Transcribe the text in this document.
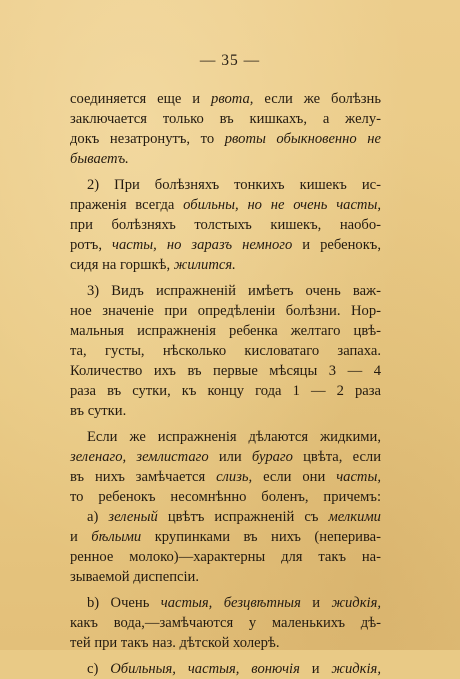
— 35 —
соединяется еще и рвота, если же болѣзнь
заключается только въ кишкахъ, а желу-
докъ незатронутъ, то рвоты обыкновенно не
бываетъ.
2) При болѣзняхъ тонкихъ кишекъ ис-
праженія всегда обильны, но не очень часты,
при болѣзняхъ толстыхъ кишекъ, наобо-
ротъ, часты, но заразъ немного и ребенокъ,
сидя на горшкѣ, жилится.
3) Видъ испражненій имѣетъ очень важ-
ное значеніе при опредѣленіи болѣзни. Нор-
мальныя испражненія ребенка желтаго цвѣ-
та, густы, нѣсколько кисловатаго запаха.
Количество ихъ въ первые мѣсяцы 3 — 4
раза въ сутки, къ концу года 1 — 2 раза
въ сутки.
Если же испражненія дѣлаются жидкими,
зеленаго, землистаго или бураго цвѣта, если
въ нихъ замѣчается слизь, если они часты,
то ребенокъ несомнѣнно боленъ, причемъ:
а) зеленый цвѣтъ испражненій съ мелкими
и бѣлыми крупинками въ нихъ (неперива-
ренное молоко)—характерны для такъ на-
зываемой диспепсіи.
b) Очень частыя, безцвѣтныя и жидкія,
какъ вода,—замѣчаются у маленькихъ дѣ-
тей при такъ наз. дѣтской холерѣ.
с) Обильныя, частыя, вонючія и жидкія,
